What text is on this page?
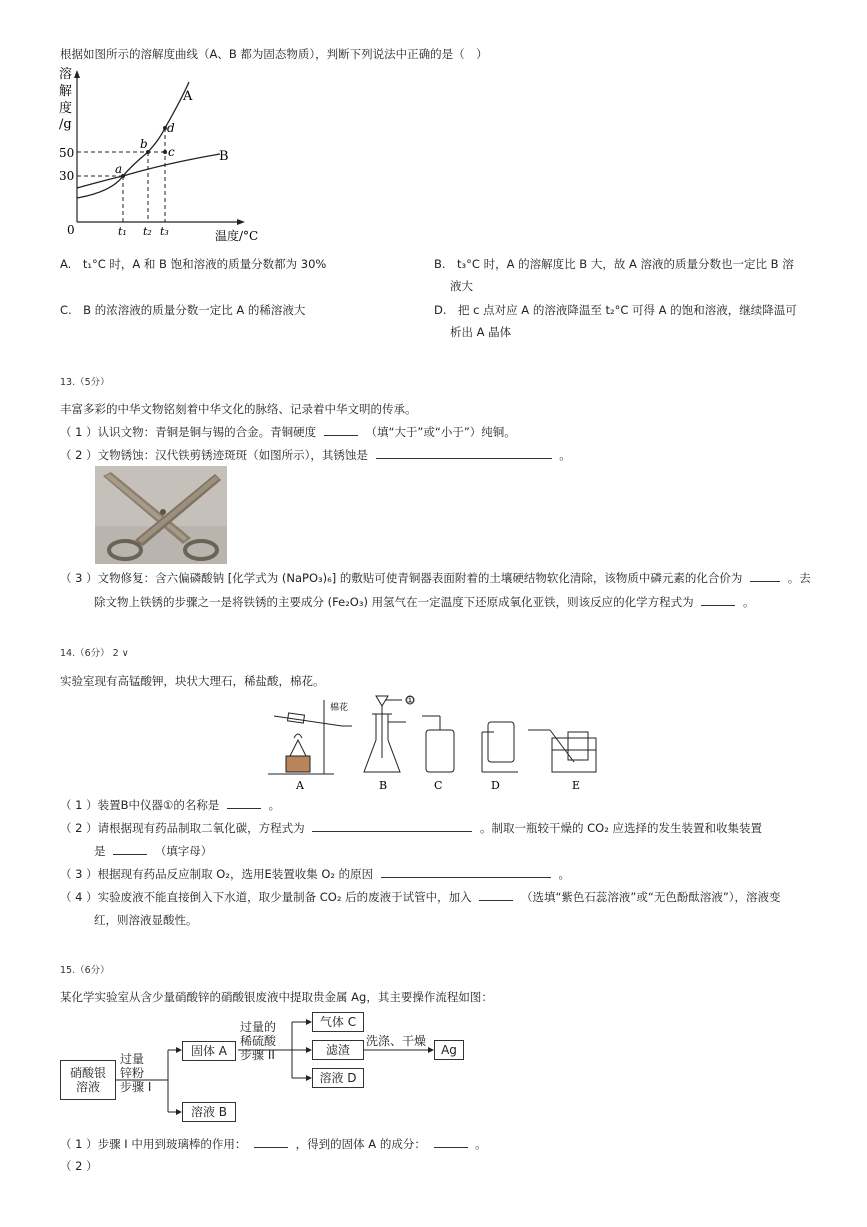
根据如图所示的溶解度曲线（A、B 都为固态物质），判断下列说法中正确的是（　）
溶
解
度
/g
50
30
0
a
b
c
d
A
B
t₁ t₂ t₃	温度/°C
A.　t₁°C 时，A 和 B 饱和溶液的质量分数都为 30%	B.　t₃°C 时，A 的溶解度比 B 大，故 A 溶液的质量分数也一定比 B 溶
液大
C.　B 的浓溶液的质量分数一定比 A 的稀溶液大	D.　把 c 点对应 A 的溶液降温至 t₂°C 可得 A 的饱和溶液，继续降温可
析出 A 晶体
13.（5分）
丰富多彩的中华文物铭刻着中华文化的脉络、记录着中华文明的传承。
（ 1 ）认识文物：青铜是铜与锡的合金。青铜硬度	（填“大于”或“小于”）纯铜。
（ 2 ）文物锈蚀：汉代铁剪锈迹斑斑（如图所示），其锈蚀是	。
（ 3 ）文物修复：含六偏磷酸钠 [化学式为 (NaPO₃)₆] 的敷贴可使青铜器表面附着的土壤硬结物软化清除，该物质中磷元素的化合价为	。去
除文物上铁锈的步骤之一是将铁锈的主要成分 (Fe₂O₃) 用氢气在一定温度下还原成氧化亚铁，则该反应的化学方程式为	。
14.（6分） 2 ∨
实验室现有高锰酸钾，块状大理石，稀盐酸，棉花。
棉花
①
A	B	C	D	E
（ 1 ）装置B中仪器①的名称是	。
（ 2 ）请根据现有药品制取二氧化碳，方程式为	。制取一瓶较干燥的 CO₂ 应选择的发生装置和收集装置
是	（填字母）
（ 3 ）根据现有药品反应制取 O₂，选用E装置收集 O₂ 的原因	。
（ 4 ）实验废液不能直接倒入下水道，取少量制备 CO₂ 后的废液于试管中，加入	（选填“紫色石蕊溶液”或“无色酚酞溶液”），溶液变
红，则溶液显酸性。
15.（6分）
某化学实验室从含少量硝酸锌的硝酸银废液中提取贵金属 Ag，其主要操作流程如图：
硝酸银溶液
过量锌粉步骤 I
固体 A
溶液 B
过量的稀硫酸步骤 II
气体 C
滤渣
溶液 D
洗涤、干燥
Ag
（ 1 ）步骤 I 中用到玻璃棒的作用：	，得到的固体 A 的成分：	。
（ 2 ）
